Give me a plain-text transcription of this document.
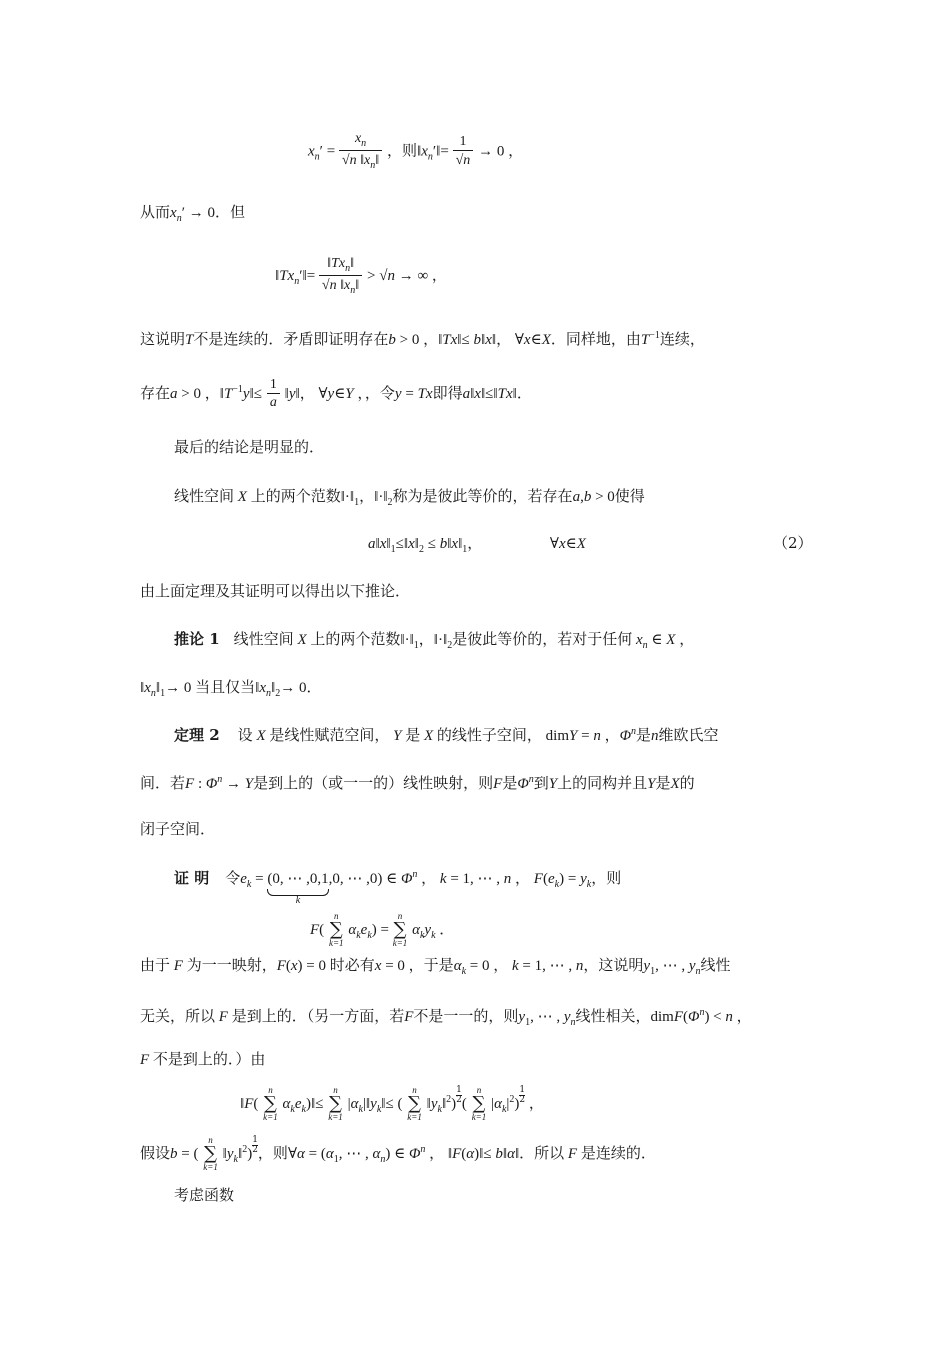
$x_n' = \frac{x_n}{√n ‖x_n‖}$ ，则$‖x_n'‖= \frac{1}{√n} \to 0$ ，
从而$x_n' \to 0$．但
$‖Tx_n'‖= \frac{‖Tx_n‖}{√n ‖x_n‖} > √n$ → ∞ ，
这说明T不是连续的．矛盾即证明存在b > 0 ，‖Tx‖≤ b‖x‖， ∀x∈X．同样地，由$T^{-1}$连续，
存在a > 0 ，$‖T^{-1}y‖\le \frac{1}{a}$ ‖y‖， ∀y∈Y ，，令y = Tx即得a‖x‖≤‖Tx‖．
最后的结论是明显的．
线性空间 X 上的两个范数$‖\cdot‖_1$，$‖\cdot‖_2$称为是彼此等价的，若存在a,b > 0使得
$a‖x‖_1\le‖x‖_2$ ≤ $b‖x‖_1$，	∀x∈X	（2）
由上面定理及其证明可以得出以下推论．
推论 1 线性空间 X 上的两个范数$‖\cdot‖_1$，$‖\cdot‖_2$是彼此等价的，若对于任何 $x_n$ ∈ X ，
$‖x_n‖_1\to 0$ 当且仅当$‖x_n‖_2\to 0$．
定理 2 设 X 是线性赋范空间， Y 是 X 的线性子空间， dimY = n ，$\Phi^n$是n维欧氏空
间．若F : $\Phi^n \to Y$是到上的（或一一的）线性映射，则F是$\Phi^n$到Y上的同构并且Y是X的
闭子空间．
证 明 令$e_k = (0$, ⋯ ,0,1
k
,0, ⋯ ,0) ∈ $\Phi^n$ ， k = 1, ⋯ , n ， $F(e_k) = y_k$，则
F(
n
∑
k=1
$\alpha_ke_k$) =
n
∑
k=1
$\alpha_ky_k$ ．
由于 F 为一一映射，F(x) = 0 时必有x = 0 ，于是$\alpha_k = 0$ ， k = 1, ⋯ , n，这说明$y_1$, ⋯ , $y_n$线性
无关，所以 F 是到上的．（另一方面，若F不是一一的，则$y_1$, ⋯ , $y_n$线性相关，$dimF(\Phi^n) < n$ ，
F 不是到上的．）由
‖F(
n
∑
k=1
$\alpha_ke_k)‖\le$
n
∑
k=1
$|\alpha_k|‖y_k‖\le$ (
n
∑
k=1
$‖y_k‖^2) \frac{1}{2}$ (
n
∑
k=1
$|\alpha_k|^2) \frac{1}{2}$ ，
假设b = (
n
∑
k=1
$‖y_k‖^2) \frac{1}{2}$ ，则∀α = ($\alpha_1$, ⋯ , $\alpha_n$) ∈ $\Phi^n$ ， ‖F(α)‖≤ b‖α‖．所以 F 是连续的．
考虑函数
